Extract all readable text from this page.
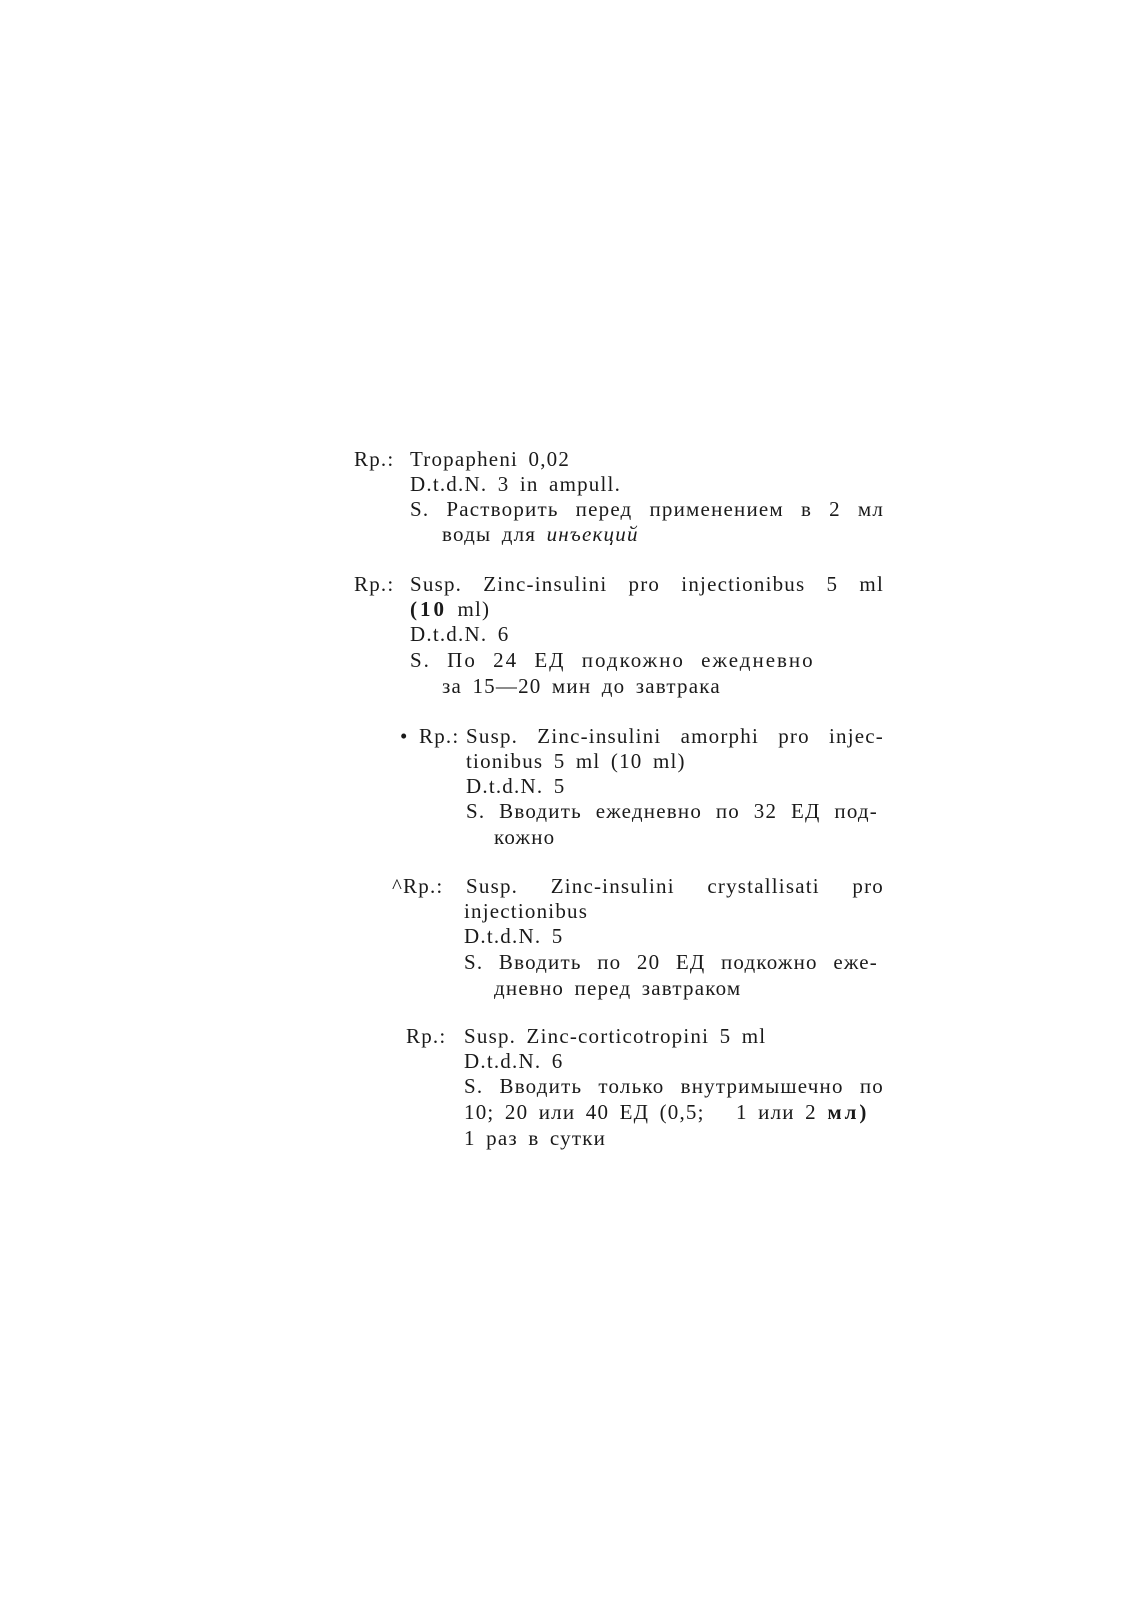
Rp.: Tropapheni 0,02
D.t.d.N. 3 in ampull.
S. Растворить перед применением в 2 мл
воды для инъекций
Rp.: Susp. Zinc-insulini pro injectionibus 5 ml
(10 ml)
D.t.d.N. 6
S. По 24 ЕД подкожно ежедневно
за 15—20 мин до завтрака
• Rp.: Susp. Zinc-insulini amorphi pro injec-
tionibus 5 ml (10 ml)
D.t.d.N. 5
S. Вводить ежедневно по 32 ЕД под-
кожно
^Rp.: Susp. Zinc-insulini crystallisati pro
injectionibus
D.t.d.N. 5
S. Вводить по 20 ЕД подкожно еже-
дневно перед завтраком
Rp.: Susp. Zinc-corticotropini 5 ml
D.t.d.N. 6
S. Вводить только внутримышечно по
10; 20 или 40 ЕД (0,5;   1 или 2 мл)
1 раз в сутки
